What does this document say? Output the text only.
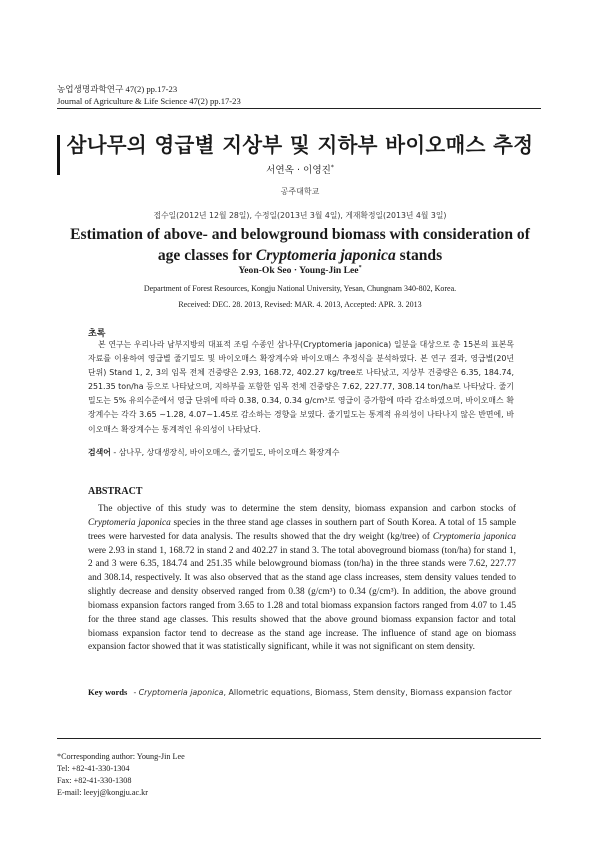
농업생명과학연구 47(2) pp.17-23
Journal of Agriculture & Life Science 47(2) pp.17-23
삼나무의 영급별 지상부 및 지하부 바이오매스 추정
서연옥 · 이영진*
공주대학교
접수일(2012년 12월 28일), 수정일(2013년 3월 4일), 게재확정일(2013년 4월 3일)
Estimation of above- and belowground biomass with consideration of age classes for Cryptomeria japonica stands
Yeon-Ok Seo · Young-Jin Lee*
Department of Forest Resources, Kongju National University, Yesan, Chungnam 340-802, Korea.
Received: DEC. 28. 2013, Revised: MAR. 4. 2013, Accepted: APR. 3. 2013
초록

본 연구는 우리나라 남부지방의 대표적 조림 수종인 삼나무(Cryptomeria japonica) 일분을 대상으로 총 15본의 표본목 자료를 이용하여 영급별 줄기밀도 및 바이오매스 확장계수와 바이오매스 추정식을 분석하였다. 본 연구 결과, 영급별(20년 단위) Stand 1, 2, 3의 임목 전체 건중량은 2.93, 168.72, 402.27 kg/tree로 나타났고, 지상부 건중량은 6.35, 184.74, 251.35 ton/ha 등으로 나타났으며, 지하부를 포함한 임목 전체 건중량은 7.62, 227.77, 308.14 ton/ha로 나타났다. 줄기밀도는 5% 유의수준에서 영급 단위에 따라 0.38, 0.34, 0.34 g/cm³로 영급이 증가함에 따라 감소하였으며, 바이오매스 확장계수는 각각 3.65 ~1.28, 4.07~1.45로 감소하는 경향을 보였다. 줄기밀도는 통계적 유의성이 나타나지 않은 반면에, 바이오매스 확장계수는 통계적인 유의성이 나타났다.

검색어 - 삼나무, 상대생장식, 바이오매스, 줄기밀도, 바이오매스 확장계수
ABSTRACT

The objective of this study was to determine the stem density, biomass expansion and carbon stocks of Cryptomeria japonica species in the three stand age classes in southern part of South Korea. A total of 15 sample trees were harvested for data analysis. The results showed that the dry weight (kg/tree) of Cryptomeria japonica were 2.93 in stand 1, 168.72 in stand 2 and 402.27 in stand 3. The total aboveground biomass (ton/ha) for stand 1, 2 and 3 were 6.35, 184.74 and 251.35 while belowground biomass (ton/ha) in the three stands were 7.62, 227.77 and 308.14, respectively. It was also observed that as the stand age class increases, stem density values tended to slightly decrease and density observed ranged from 0.38 (g/cm³) to 0.34 (g/cm³). In addition, the above ground biomass expansion factors ranged from 3.65 to 1.28 and total biomass expansion factors ranged from 4.07 to 1.45 for the three stand age classes. This results showed that the above ground biomass expansion factor and total biomass expansion factor tend to decrease as the stand age increase. The influence of stand age on biomass expansion factor showed that it was statistically significant, while it was not significant on stem density.

Key words - Cryptomeria japonica, Allometric equations, Biomass, Stem density, Biomass expansion factor
*Corresponding author: Young-Jin Lee
Tel: +82-41-330-1304
Fax: +82-41-330-1308
E-mail: leeyj@kongju.ac.kr
